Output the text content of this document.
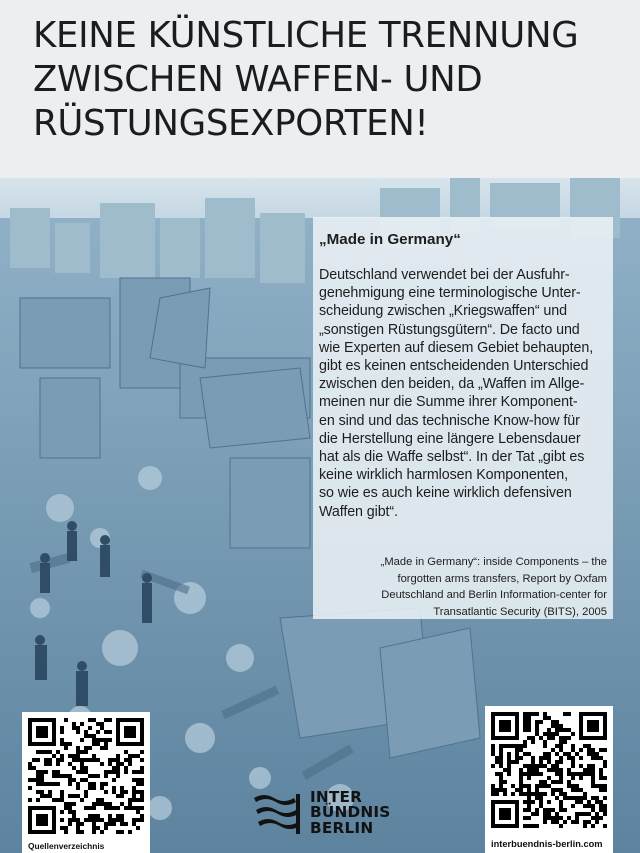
KEINE KÜNSTLICHE TRENNUNG
ZWISCHEN WAFFEN- UND
RÜSTUNGSEXPORTEN!
„Made in Germany“
Deutschland verwendet bei der Ausfuhr-
genehmigung eine terminologische Unter-
scheidung zwischen „Kriegswaffen“ und
„sonstigen Rüstungsgütern“. De facto und
wie Experten auf diesem Gebiet behaupten,
gibt es keinen entscheidenden Unterschied
zwischen den beiden, da „Waffen im Allge-
meinen nur die Summe ihrer Komponent-
en sind und das technische Know-how für
die Herstellung eine längere Lebensdauer
hat als die Waffe selbst“. In der Tat „gibt es
keine wirklich harmlosen Komponenten,
so wie es auch keine wirklich defensiven
Waffen gibt“.
„Made in Germany“: inside Components – the
forgotten arms transfers, Report by Oxfam
Deutschland and Berlin Information-center for
Transatlantic Security (BITS), 2005
Quellenverzeichnis	interbuendnis-berlin.com
INTER
BÜNDNIS
BERLIN
